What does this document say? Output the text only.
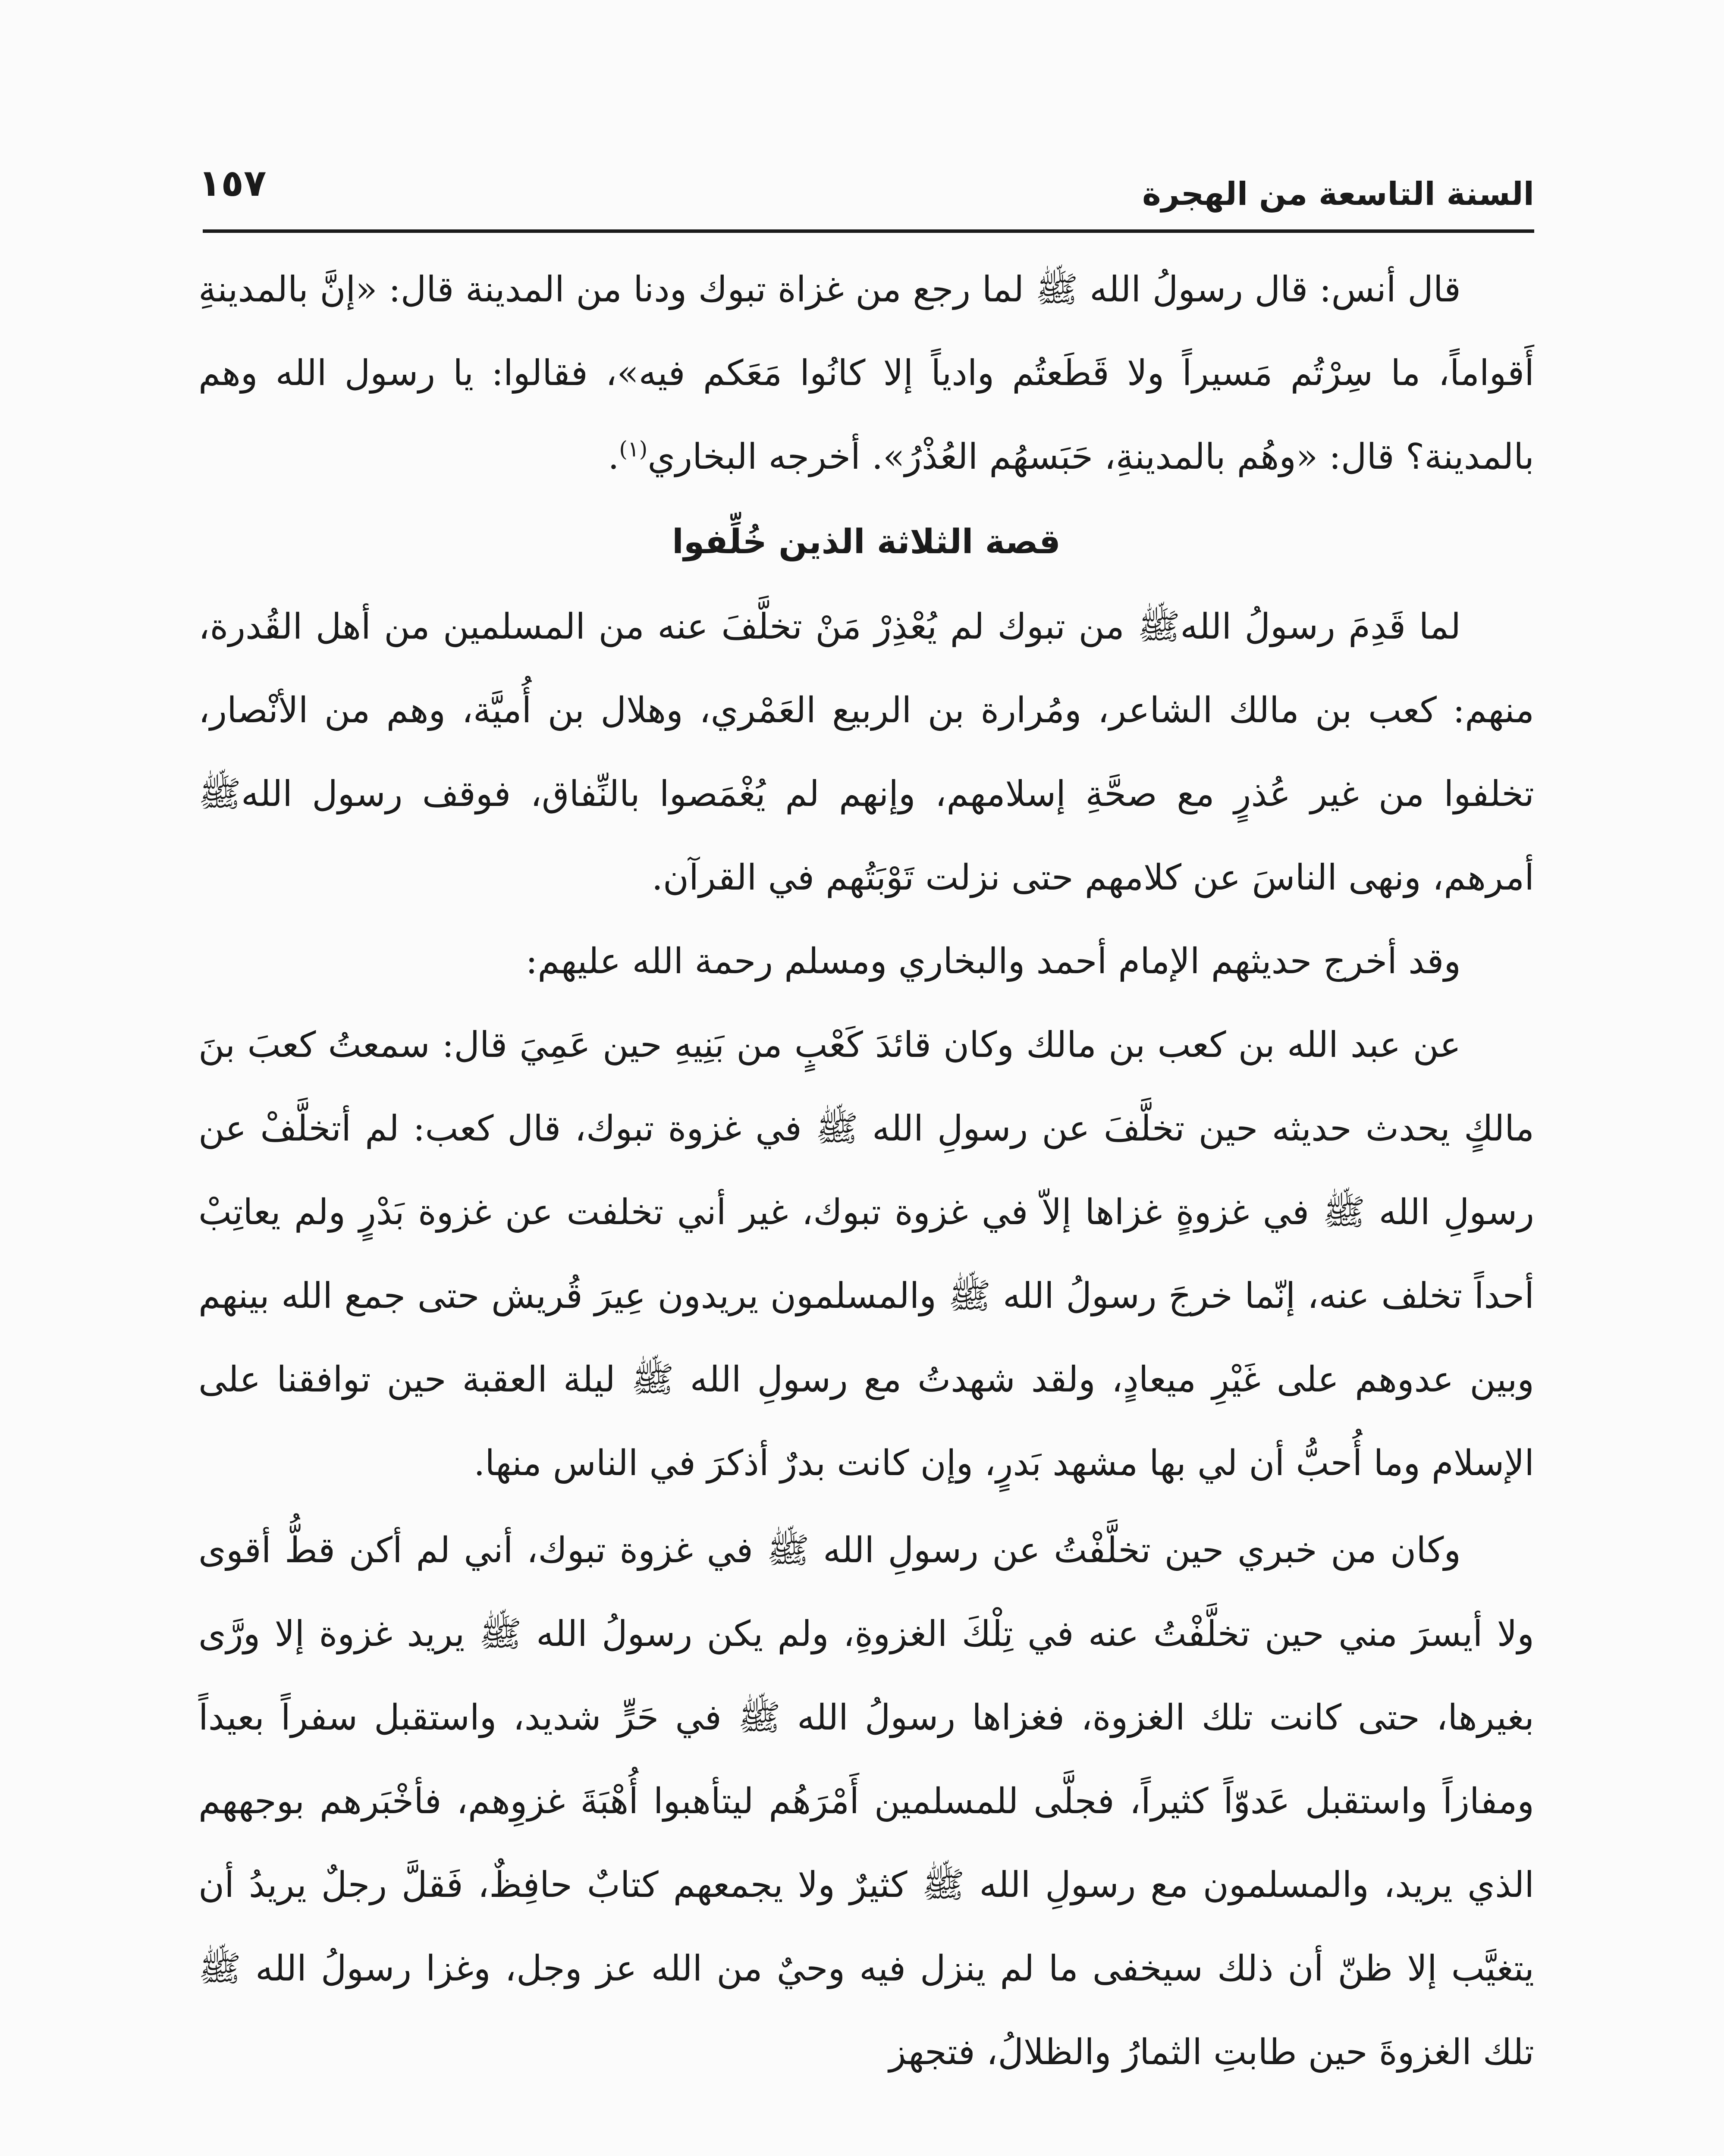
السنة التاسعة من الهجرة
١٥٧

قال أنس: قال رسولُ الله ﷺ لما رجع من غزاة تبوك ودنا من المدينة قال: «إنَّ بالمدينةِ أَقواماً، ما سِرْتُم مَسيراً ولا قَطَعتُم وادياً إلا كانُوا مَعَكم فيه»، فقالوا: يا رسول الله وهم بالمدينة؟ قال: «وهُم بالمدينةِ، حَبَسهُم العُذْرُ». أخرجه البخاري$^{(١)}$.

قصة الثلاثة الذين خُلِّفوا

لما قَدِمَ رسولُ اللهﷺ من تبوك لم يُعْذِرْ مَنْ تخلَّفَ عنه من المسلمين من أهل القُدرة، منهم: كعب بن مالك الشاعر، ومُرارة بن الربيع العَمْري، وهلال بن أُميَّة، وهم من الأنْصار، تخلفوا من غير عُذرٍ مع صحَّةِ إسلامهم، وإنهم لم يُغْمَصوا بالنِّفاق، فوقف رسول اللهﷺ أمرهم، ونهى الناسَ عن كلامهم حتى نزلت تَوْبَتُهم في القرآن.

وقد أخرج حديثهم الإمام أحمد والبخاري ومسلم رحمة الله عليهم:

عن عبد الله بن كعب بن مالك وكان قائدَ كَعْبٍ من بَنِيهِ حين عَمِيَ قال: سمعتُ كعبَ بنَ مالكٍ يحدث حديثه حين تخلَّفَ عن رسولِ الله ﷺ في غزوة تبوك، قال كعب: لم أتخلَّفْ عن رسولِ الله ﷺ في غزوةٍ غزاها إلاّ في غزوة تبوك، غير أني تخلفت عن غزوة بَدْرٍ ولم يعاتِبْ أحداً تخلف عنه، إنّما خرجَ رسولُ الله ﷺ والمسلمون يريدون عِيرَ قُريش حتى جمع الله بينهم وبين عدوهم على غَيْرِ ميعادٍ، ولقد شهدتُ مع رسولِ الله ﷺ ليلة العقبة حين توافقنا على الإسلام وما أُحبُّ أن لي بها مشهد بَدرٍ، وإن كانت بدرٌ أذكرَ في الناس منها.

وكان من خبري حين تخلَّفْتُ عن رسولِ الله ﷺ في غزوة تبوك، أني لم أكن قطُّ أقوى ولا أيسرَ مني حين تخلَّفْتُ عنه في تِلْكَ الغزوةِ، ولم يكن رسولُ الله ﷺ يريد غزوة إلا ورَّى بغيرها، حتى كانت تلك الغزوة، فغزاها رسولُ الله ﷺ في حَرٍّ شديد، واستقبل سفراً بعيداً ومفازاً واستقبل عَدوّاً كثيراً، فجلَّى للمسلمين أَمْرَهُم ليتأهبوا أُهْبَةَ غزوِهم، فأخْبَرهم بوجههم الذي يريد، والمسلمون مع رسولِ الله ﷺ كثيرٌ ولا يجمعهم كتابٌ حافِظٌ، فَقلَّ رجلٌ يريدُ أن يتغيَّب إلا ظنّ أن ذلك سيخفى ما لم ينزل فيه وحيٌ من الله عز وجل، وغزا رسولُ الله ﷺ تلك الغزوةَ حين طابتِ الثمارُ والظلالُ، فتجهز
